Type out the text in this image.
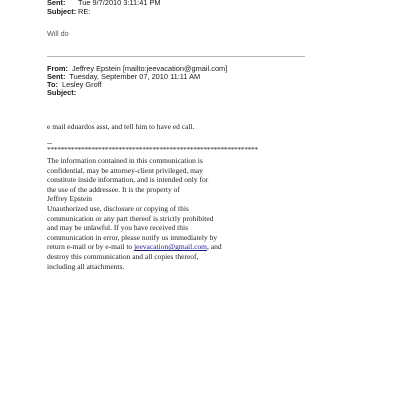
Sent: Tue 9/7/2010 3:11:41 PM
Subject: RE:
Will do
From: Jeffrey Epstein [mailto:jeevacation@gmail.com]
Sent: Tuesday, September 07, 2010 11:11 AM
To: Lesley Groff
Subject:
e mail eduardos asst, and tell him to have ed call.
--
**************************************************************
The information contained in this communication is
confidential, may be attorney-client privileged, may
constitute inside information, and is intended only for
the use of the addressee. It is the property of
Jeffrey Epstein
Unauthorized use, disclosure or copying of this
communication or any part thereof is strictly prohibited
and may be unlawful. If you have received this
communication in error, please notify us immediately by
return e-mail or by e-mail to jeevacation@gmail.com, and
destroy this communication and all copies thereof,
including all attachments.
